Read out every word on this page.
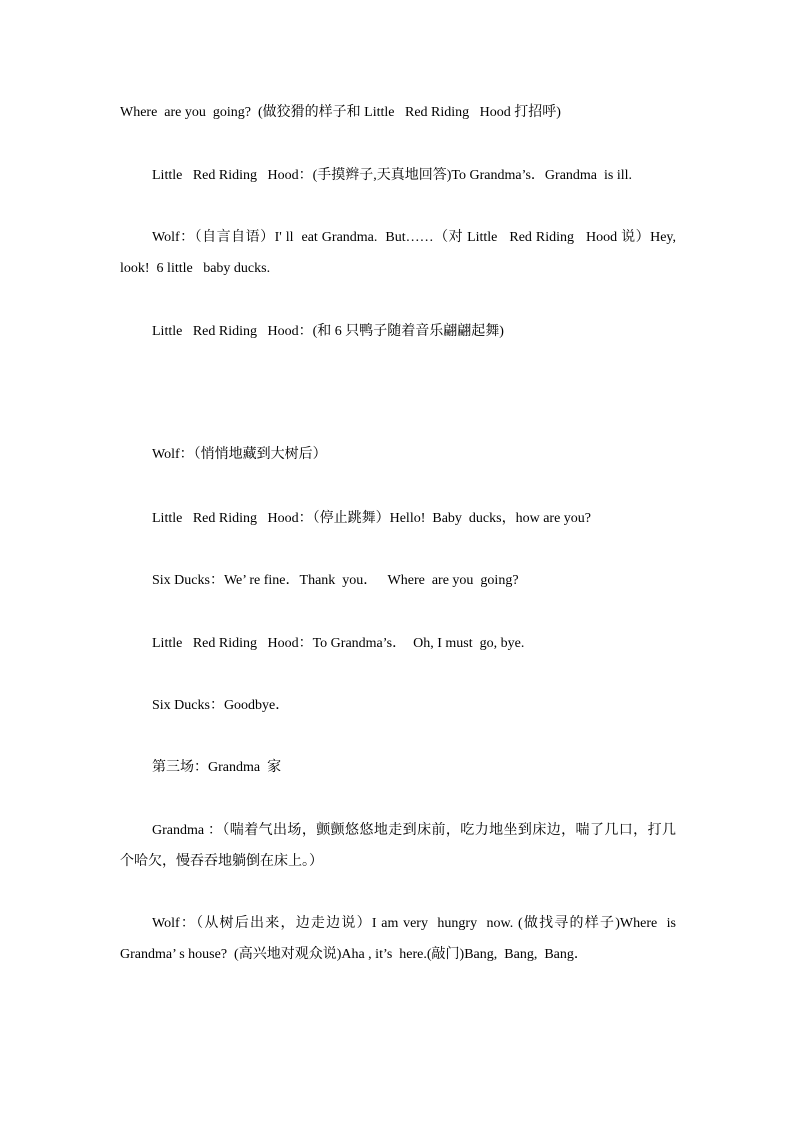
Where  are you  going?  (做狡猾的样子和 Little   Red Riding   Hood 打招呼)

Little   Red Riding   Hood：(手摸辫子,天真地回答)To Grandma’s．Grandma  is ill.

Wolf：（自言自语）I' ll  eat Grandma.  But……（对 Little   Red Riding   Hood 说）Hey, look!  6 little   baby ducks.

Little   Red Riding   Hood：(和 6 只鸭子随着音乐翩翩起舞)

Wolf：（悄悄地藏到大树后）

Little   Red Riding   Hood：（停止跳舞）Hello!  Baby  ducks，how are you?

Six Ducks：We’ re fine．Thank  you．   Where  are you  going?

Little   Red Riding   Hood：To Grandma’s．  Oh, I must  go, bye.

Six Ducks：Goodbye．

第三场：Grandma  家

Grandma ：（喘着气出场，颤颤悠悠地走到床前，吃力地坐到床边，喘了几口，打几个哈欠，慢吞吞地躺倒在床上。）

Wolf：（从树后出来，边走边说）I am very  hungry  now. (做找寻的样子)Where  is Grandma’ s house?  (高兴地对观众说)Aha , it’s  here.(敲门)Bang,  Bang,  Bang．
